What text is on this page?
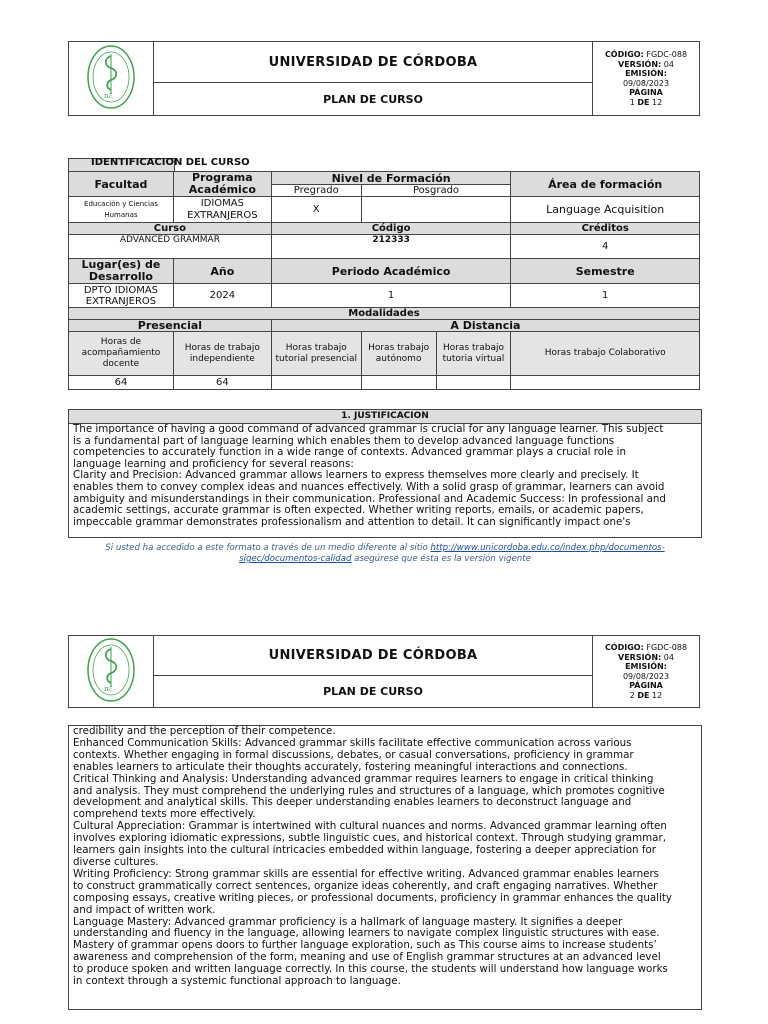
πℰ
	UNIVERSIDAD DE CÓRDOBA	CÓDIGO: FGDC-088
VERSIÓN: 04
EMISIÓN:
09/08/2023
PÁGINA
1 DE 12

PLAN DE CURSO
IDENTIFICACION DEL CURSO
Facultad	Programa Académico	Nivel de Formación			Área de formación
		Pregrado	Posgrado		
Educación y Ciencias Humanas	IDIOMAS EXTRANJEROS	X			Language Acquisition
Curso		Código			Créditos
ADVANCED GRAMMAR		212333			4
Lugar(es) de Desarrollo	Año	Periodo Académico			Semestre
DPTO IDIOMAS EXTRANJEROS	2024	1			1
Modalidades					
Presencial		A Distancia			
Horas de acompañamiento docente	Horas de trabajo independiente	Horas trabajo tutorial presencial	Horas trabajo autónomo	Horas trabajo tutoria virtual	Horas trabajo Colaborativo
64	64				
1. JUSTIFICACION
The importance of having a good command of advanced grammar is crucial for any language learner. This subject
is a fundamental part of language learning which enables them to develop advanced language functions
competencies to accurately function in a wide range of contexts. Advanced grammar plays a crucial role in
language learning and proficiency for several reasons:
Clarity and Precision: Advanced grammar allows learners to express themselves more clearly and precisely. It
enables them to convey complex ideas and nuances effectively. With a solid grasp of grammar, learners can avoid
ambiguity and misunderstandings in their communication. Professional and Academic Success: In professional and
academic settings, accurate grammar is often expected. Whether writing reports, emails, or academic papers,
impeccable grammar demonstrates professionalism and attention to detail. It can significantly impact one's
Si usted ha accedido a este formato a través de un medio diferente al sitio http://www.unicordoba.edu.co/index.php/documentos-
sigec/documentos-calidad asegúrese que ésta es la versión vigente
πℰ
	UNIVERSIDAD DE CÓRDOBA	
CÓDIGO: FGDC-088
VERSIÓN: 04
EMISIÓN:
09/08/2023
PÁGINA
2 DE 12

PLAN DE CURSO
credibility and the perception of their competence.
Enhanced Communication Skills: Advanced grammar skills facilitate effective communication across various
contexts. Whether engaging in formal discussions, debates, or casual conversations, proficiency in grammar
enables learners to articulate their thoughts accurately, fostering meaningful interactions and connections.
Critical Thinking and Analysis: Understanding advanced grammar requires learners to engage in critical thinking
and analysis. They must comprehend the underlying rules and structures of a language, which promotes cognitive
development and analytical skills. This deeper understanding enables learners to deconstruct language and
comprehend texts more effectively.
Cultural Appreciation: Grammar is intertwined with cultural nuances and norms. Advanced grammar learning often
involves exploring idiomatic expressions, subtle linguistic cues, and historical context. Through studying grammar,
learners gain insights into the cultural intricacies embedded within language, fostering a deeper appreciation for
diverse cultures.
Writing Proficiency: Strong grammar skills are essential for effective writing. Advanced grammar enables learners
to construct grammatically correct sentences, organize ideas coherently, and craft engaging narratives. Whether
composing essays, creative writing pieces, or professional documents, proficiency in grammar enhances the quality
and impact of written work.
Language Mastery: Advanced grammar proficiency is a hallmark of language mastery. It signifies a deeper
understanding and fluency in the language, allowing learners to navigate complex linguistic structures with ease.
Mastery of grammar opens doors to further language exploration, such as This course aims to increase students’
awareness and comprehension of the form, meaning and use of English grammar structures at an advanced level
to produce spoken and written language correctly. In this course, the students will understand how language works
in context through a systemic functional approach to language.
